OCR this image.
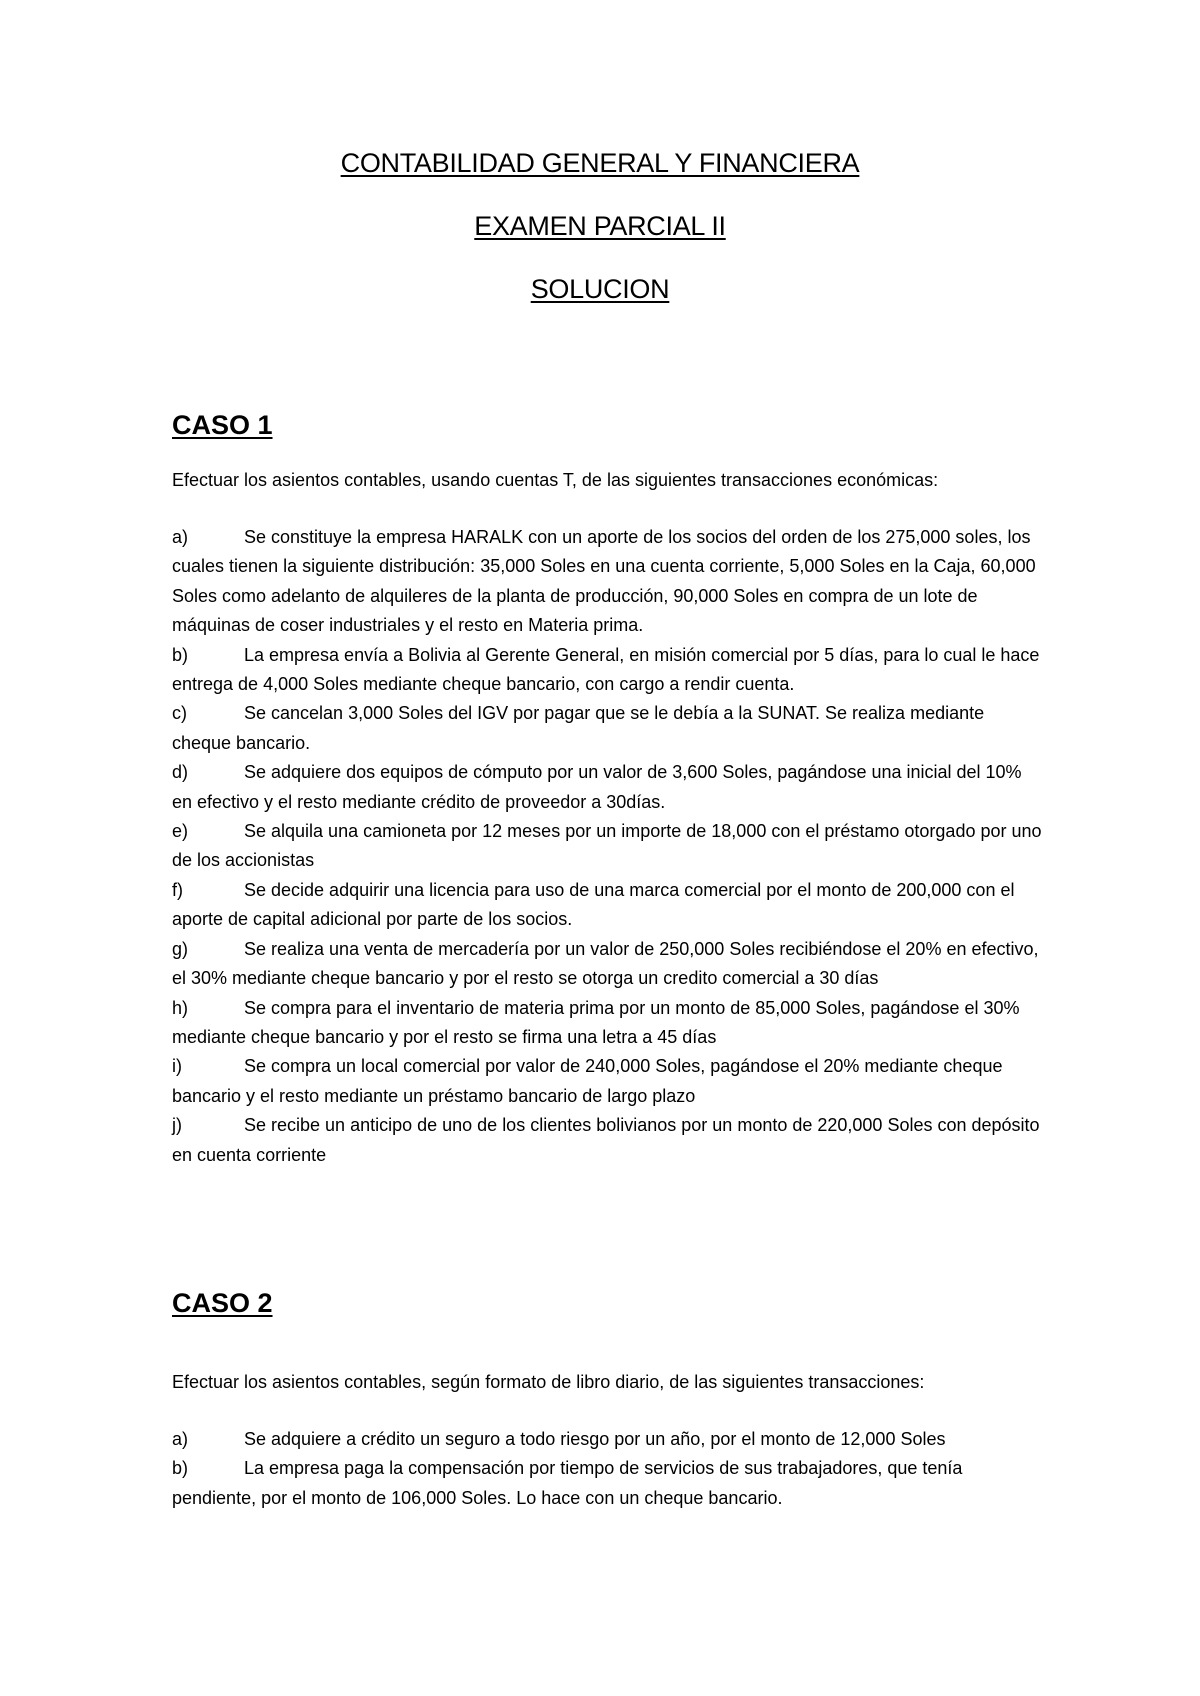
CONTABILIDAD GENERAL Y FINANCIERA
EXAMEN PARCIAL II
SOLUCION
CASO 1

Efectuar los asientos contables, usando cuentas T, de las siguientes transacciones económicas:

a)	Se constituye la empresa HARALK con un aporte de los socios del orden de los 275,000 soles, los cuales tienen la siguiente distribución: 35,000 Soles en una cuenta corriente, 5,000 Soles en la Caja, 60,000 Soles como adelanto de alquileres de la planta de producción, 90,000 Soles en compra de un lote de máquinas de coser industriales y el resto en Materia prima.
b)	La empresa envía a Bolivia al Gerente General, en misión comercial por 5 días, para lo cual le hace entrega de 4,000 Soles mediante cheque bancario, con cargo a rendir cuenta.
c)	Se cancelan 3,000 Soles del IGV por pagar que se le debía a la SUNAT. Se realiza mediante cheque bancario.
d)	Se adquiere dos equipos de cómputo por un valor de 3,600 Soles, pagándose una inicial del 10% en efectivo y el resto mediante crédito de proveedor a 30días.
e)	Se alquila una camioneta por 12 meses por un importe de 18,000 con el préstamo otorgado por uno de los accionistas
f)	Se decide adquirir una licencia para uso de una marca comercial por el monto de 200,000 con el aporte de capital adicional por parte de los socios.
g)	Se realiza una venta de mercadería por un valor de 250,000 Soles recibiéndose el 20% en efectivo, el 30% mediante cheque bancario y por el resto se otorga un credito comercial a 30 días
h)	Se compra para el inventario de materia prima por un monto de 85,000 Soles, pagándose el 30% mediante cheque bancario y por el resto se firma una letra a 45 días
i)	Se compra un local comercial por valor de 240,000 Soles, pagándose el 20% mediante cheque bancario y el resto mediante un préstamo bancario de largo plazo
j)	Se recibe un anticipo de uno de los clientes bolivianos por un monto de 220,000 Soles con depósito en cuenta corriente
CASO 2

Efectuar los asientos contables, según formato de libro diario, de las siguientes transacciones:

a)	Se adquiere a crédito un seguro a todo riesgo por un año, por el monto de 12,000 Soles
b)	La empresa paga la compensación por tiempo de servicios de sus trabajadores, que tenía pendiente, por el monto de 106,000 Soles. Lo hace con un cheque bancario.
